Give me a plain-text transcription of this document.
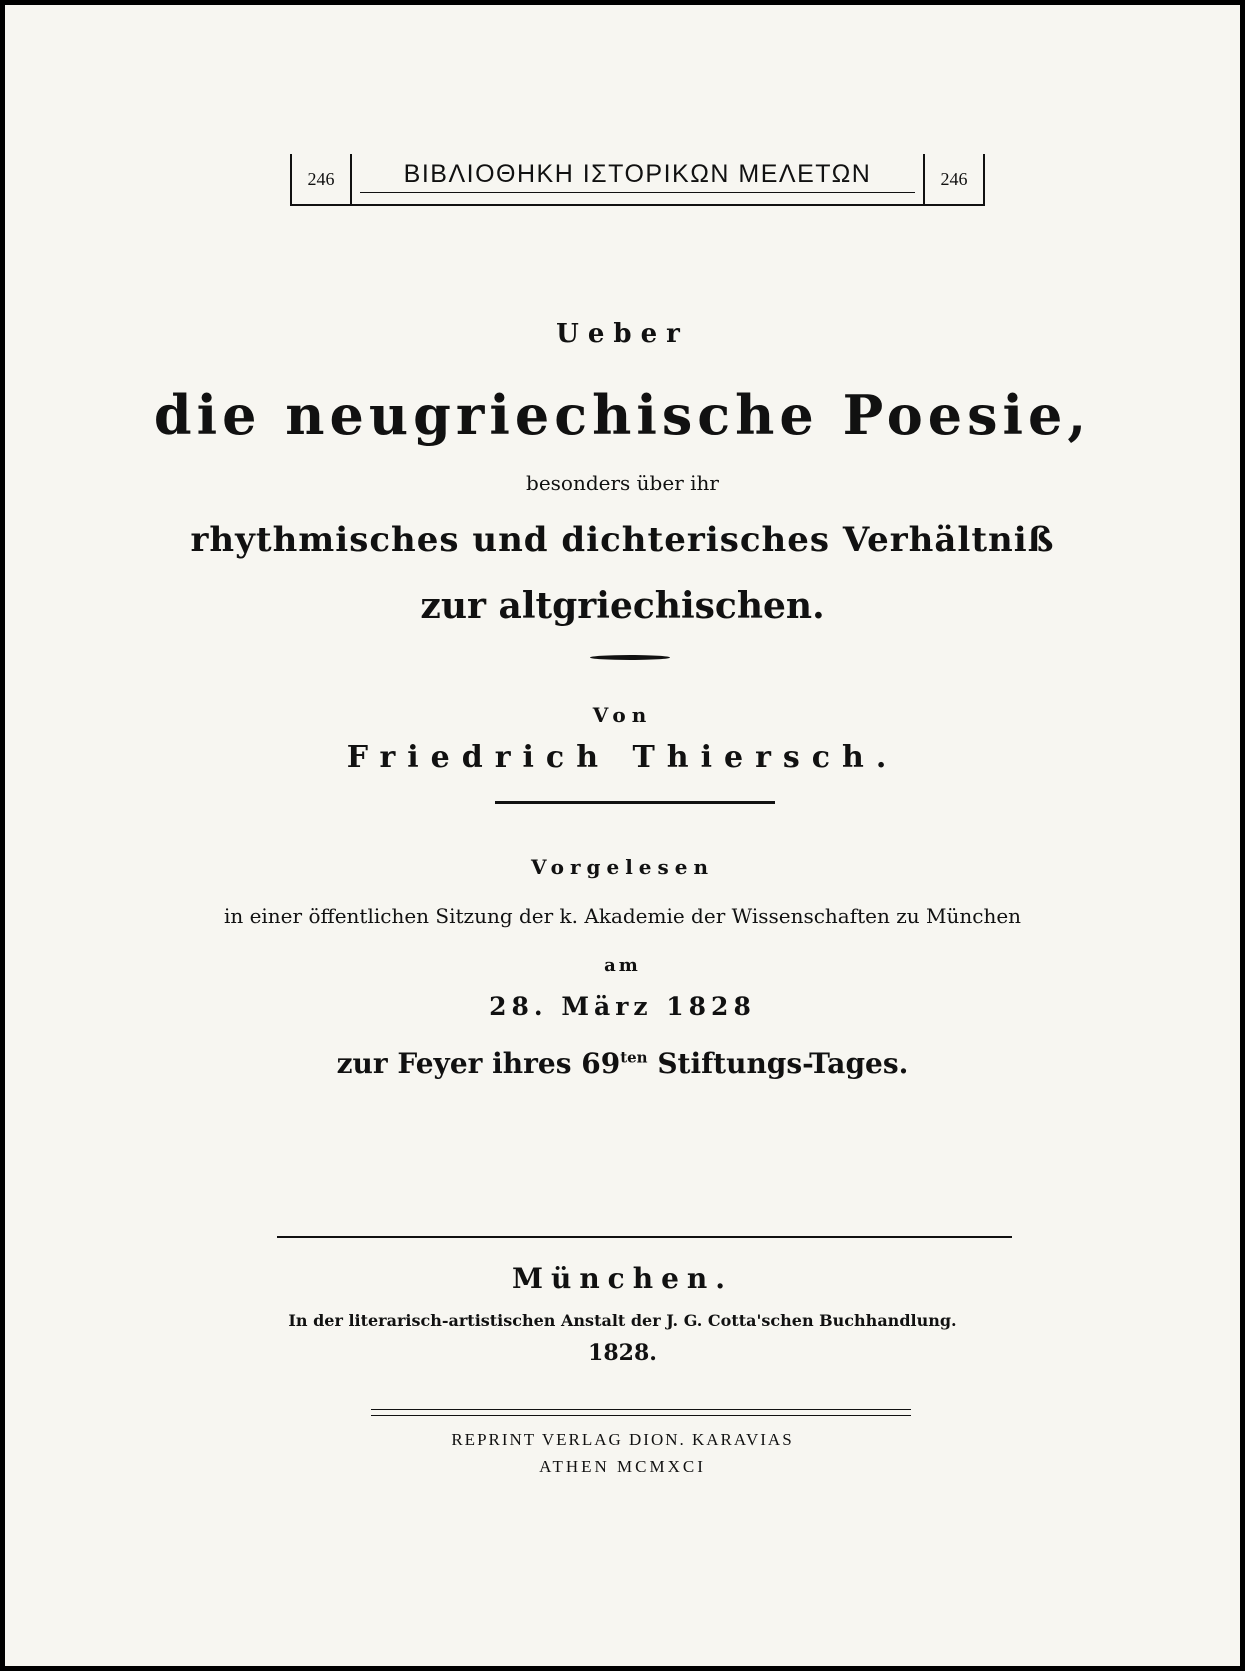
246	ΒΙΒΛΙΟΘΗΚΗ ΙΣΤΟΡΙΚΩΝ ΜΕΛΕΤΩΝ	246
Ueber
die neugriechische Poesie,
besonders über ihr
rhythmisches und dichterisches Verhältniß
zur altgriechischen.
Von
Friedrich Thiersch.
Vorgelesen
in einer öffentlichen Sitzung der k. Akademie der Wissenschaften zu München
am
28. März 1828
zur Feyer ihres $69^{ten}$ Stiftungs-Tages.
München.
In der literarisch-artistischen Anstalt der J. G. Cotta'schen Buchhandlung.
1828.
REPRINT VERLAG DION. KARAVIAS
ATHEN MCMXCI
